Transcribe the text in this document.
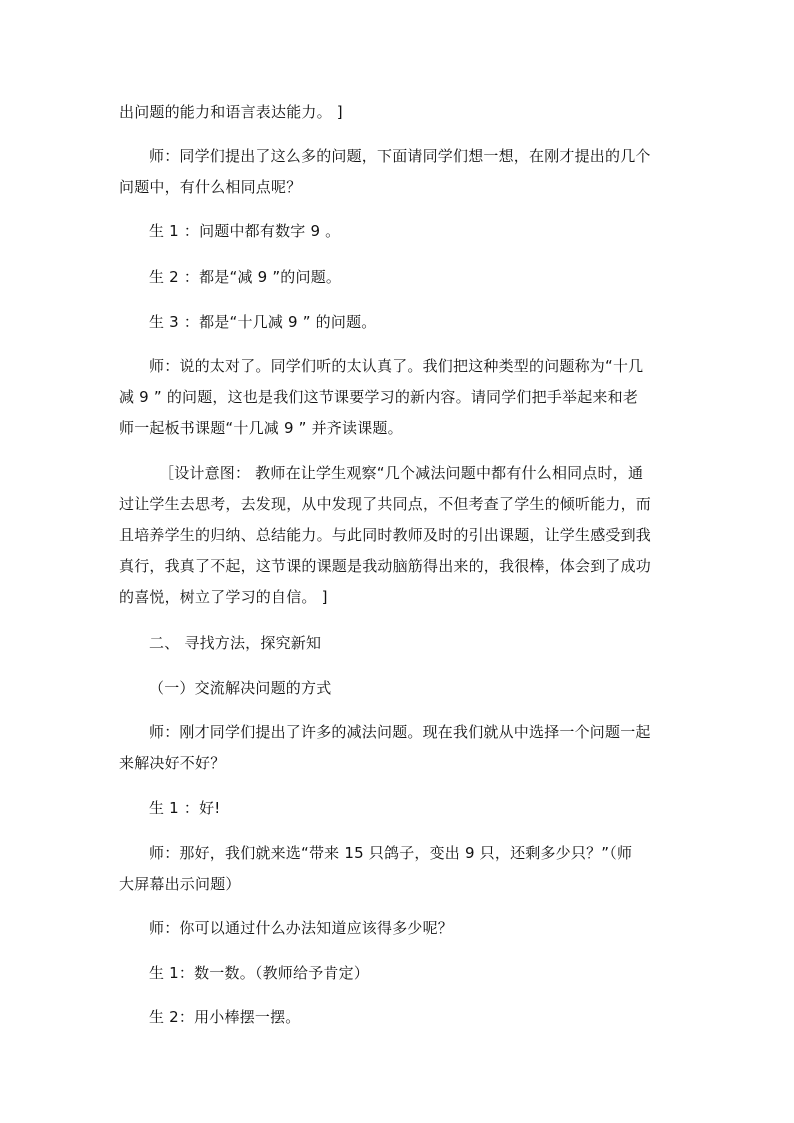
出问题的能力和语言表达能力。 ]
师：同学们提出了这么多的问题，下面请同学们想一想，在刚才提出的几个
问题中，有什么相同点呢？
生 1 ：问题中都有数字 9 。
生 2 ：都是“减 9 ”的问题。
生 3 ：都是“十几减 9 ” 的问题。
师：说的太对了。同学们听的太认真了。我们把这种类型的问题称为“十几
减 9 ” 的问题，这也是我们这节课要学习的新内容。请同学们把手举起来和老
师一起板书课题“十几减 9 ” 并齐读课题。
［设计意图： 教师在让学生观察“几个减法问题中都有什么相同点时，通
过让学生去思考，去发现，从中发现了共同点，不但考查了学生的倾听能力，而
且培养学生的归纳、总结能力。与此同时教师及时的引出课题，让学生感受到我
真行，我真了不起，这节课的课题是我动脑筋得出来的，我很棒，体会到了成功
的喜悦，树立了学习的自信。 ]
二、 寻找方法，探究新知
（一）交流解决问题的方式
师：刚才同学们提出了许多的减法问题。现在我们就从中选择一个问题一起
来解决好不好？
生 1 ：好!
师：那好，我们就来选“带来 15 只鸽子，变出 9 只，还剩多少只？”（师
大屏幕出示问题）
师：你可以通过什么办法知道应该得多少呢？
生 1：数一数。（教师给予肯定）
生 2：用小棒摆一摆。
